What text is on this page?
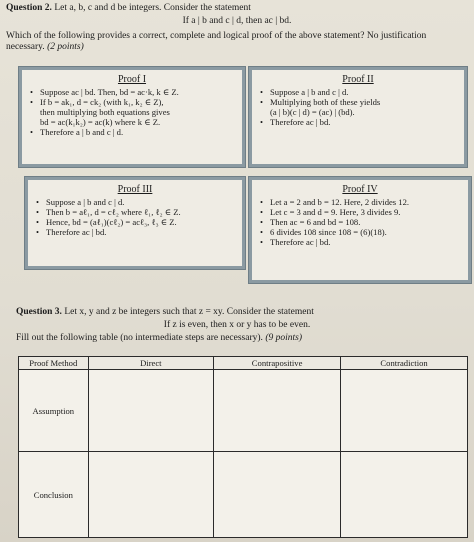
Question 2. Let a, b, c and d be integers. Consider the statement
If a | b and c | d, then ac | bd.
Which of the following provides a correct, complete and logical proof of the above statement? No justification
necessary. (2 points)
Proof I
• Suppose ac | bd. Then, bd = ac·k, k ∈ Z.
• If b = ak₁, d = ck₂ (with k₁, k₂ ∈ Z),
then multiplying both equations gives
bd = ac(k₁k₂) = ac(k) where k ∈ Z.
• Therefore a | b and c | d.
Proof II
• Suppose a | b and c | d.
• Multiplying both of these yields
(a | b)(c | d) = (ac) | (bd).
• Therefore ac | bd.
Proof III
• Suppose a | b and c | d.
• Then b = aℓ₁, d = cℓ₂ where ℓ₁, ℓ₂ ∈ Z.
• Hence, bd = (aℓ₁)(cℓ₂) = acℓ₃, ℓ₃ ∈ Z.
• Therefore ac | bd.
Proof IV
• Let a = 2 and b = 12. Here, 2 divides 12.
• Let c = 3 and d = 9. Here, 3 divides 9.
• Then ac = 6 and bd = 108.
• 6 divides 108 since 108 = (6)(18).
• Therefore ac | bd.
Question 3. Let x, y and z be integers such that z = xy. Consider the statement
If z is even, then x or y has to be even.
Fill out the following table (no intermediate steps are necessary). (9 points)
Proof Method	Direct	Contrapositive	Contradiction
Assumption			
Conclusion			
